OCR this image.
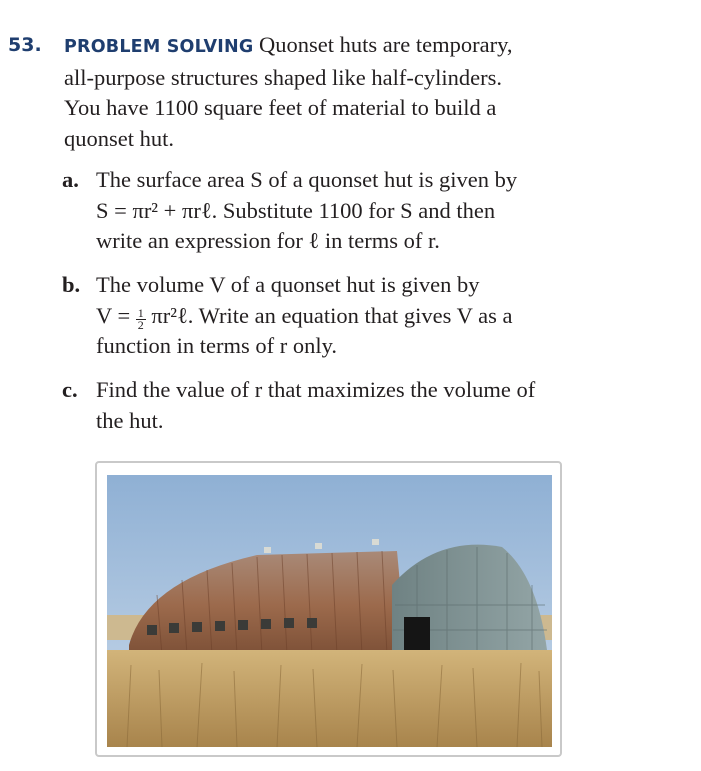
53. PROBLEM SOLVING Quonset huts are temporary,
all-purpose structures shaped like half-cylinders.
You have 1100 square feet of material to build a
quonset hut.
a. The surface area S of a quonset hut is given by
S = πr² + πrℓ. Substitute 1100 for S and then
write an expression for ℓ in terms of r.
b. The volume V of a quonset hut is given by
$V = \frac{1}{2}$ πr²ℓ. Write an equation that gives V as a
function in terms of r only.
c. Find the value of r that maximizes the volume of
the hut.
